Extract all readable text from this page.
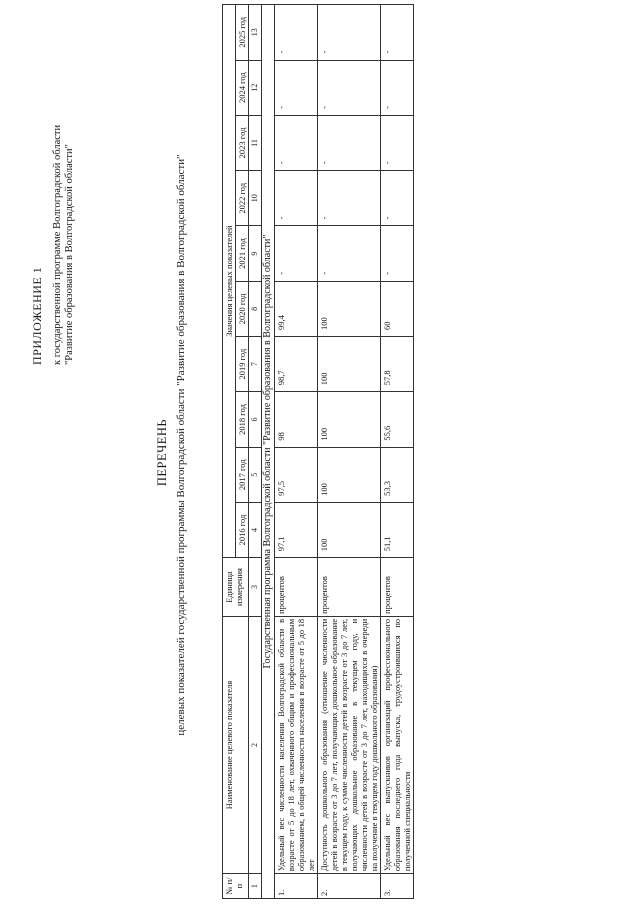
ПРИЛОЖЕНИЕ 1 к государственной программе Волгоградской области "Развитие образования в Волгоградской области"
ПЕРЕЧЕНЬ целевых показателей государственной программы Волгоградской области "Развитие образования в Волгоградской области"
№ п/п	Наименование целевого показателя	Единица измерения	Значения целевых показателей									
			2016 год	2017 год	2018 год	2019 год	2020 год	2021 год	2022 год	2023 год	2024 год	2025 год
1	2	3	4	5	6	7	8	9	10	11	12	13
Государственная программа Волгоградской области "Развитие образования в Волгоградской области"												
1.	Удельный вес численности населения Волгоградской области в возрасте от 5 до 18 лет, охваченного общим и профессиональным образованием, в общей численности населения в возрасте от 5 до 18 лет	процентов	97,1	97,5	98	98,7	99,4	-	-	-	-	-
2.	Доступность дошкольного образования (отношение численности детей в возрасте от 3 до 7 лет, получающих дошкольное образование в текущем году, к сумме численности детей в возрасте от 3 до 7 лет, получающих дошкольное образование в текущем году, и численности детей в возрасте от 3 до 7 лет, находящихся в очереди на получение в текущем году дошкольного образования)	процентов	100	100	100	100	100	-	-	-	-	-
3.	Удельный вес выпускников организаций профессионального образования последнего года выпуска, трудоустроившихся по полученной специальности	процентов	51,1	53,3	55,6	57,8	60	-	-	-	-	-
